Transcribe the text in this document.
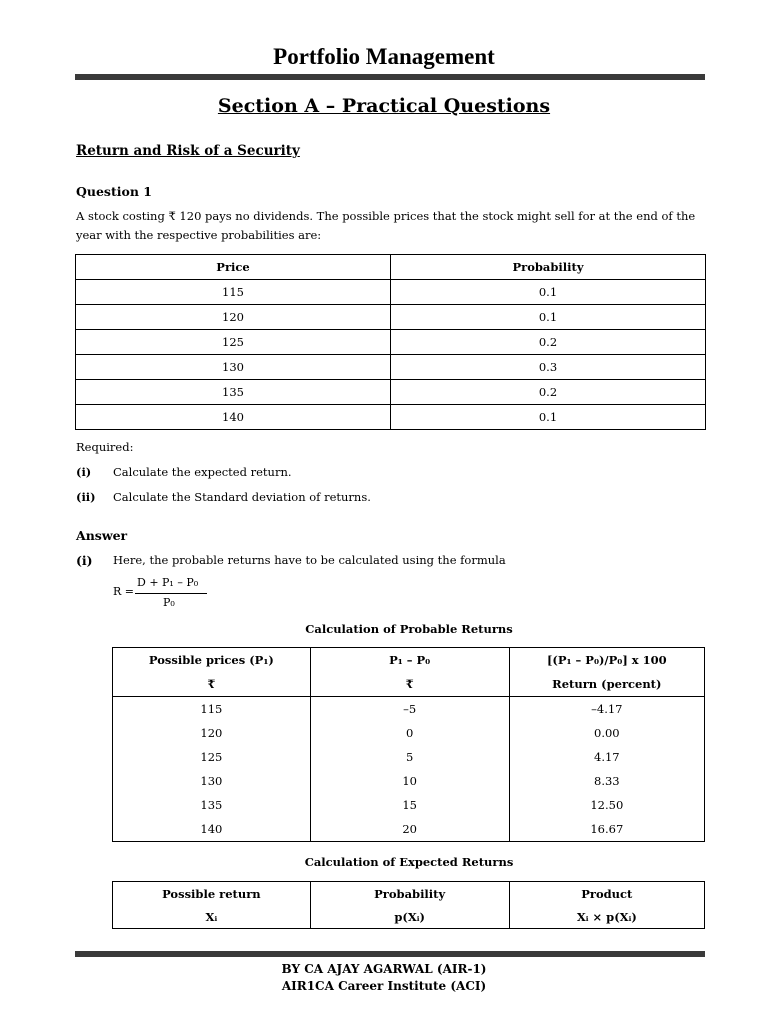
Portfolio Management
Section A – Practical Questions
Return and Risk of a Security
Question 1
A stock costing ₹ 120 pays no dividends. The possible prices that the stock might sell for at the end of the year with the respective probabilities are:
Price	Probability
115	0.1
120	0.1
125	0.2
130	0.3
135	0.2
140	0.1
Required:
(i) Calculate the expected return.
(ii) Calculate the Standard deviation of returns.
Answer
(i) Here, the probable returns have to be calculated using the formula
R =
D + P₁ – P₀
P₀
Calculation of Probable Returns
Possible prices (P₁)	P₁ – P₀	[(P₁ – P₀)/P₀] x 100
₹	₹	Return (percent)
115	–5	–4.17
120	0	0.00
125	5	4.17
130	10	8.33
135	15	12.50
140	20	16.67
Calculation of Expected Returns
Possible return	Probability	Product
Xᵢ	p(Xᵢ)	Xᵢ × p(Xᵢ)
BY CA AJAY AGARWAL (AIR-1)
AIR1CA Career Institute (ACI)
